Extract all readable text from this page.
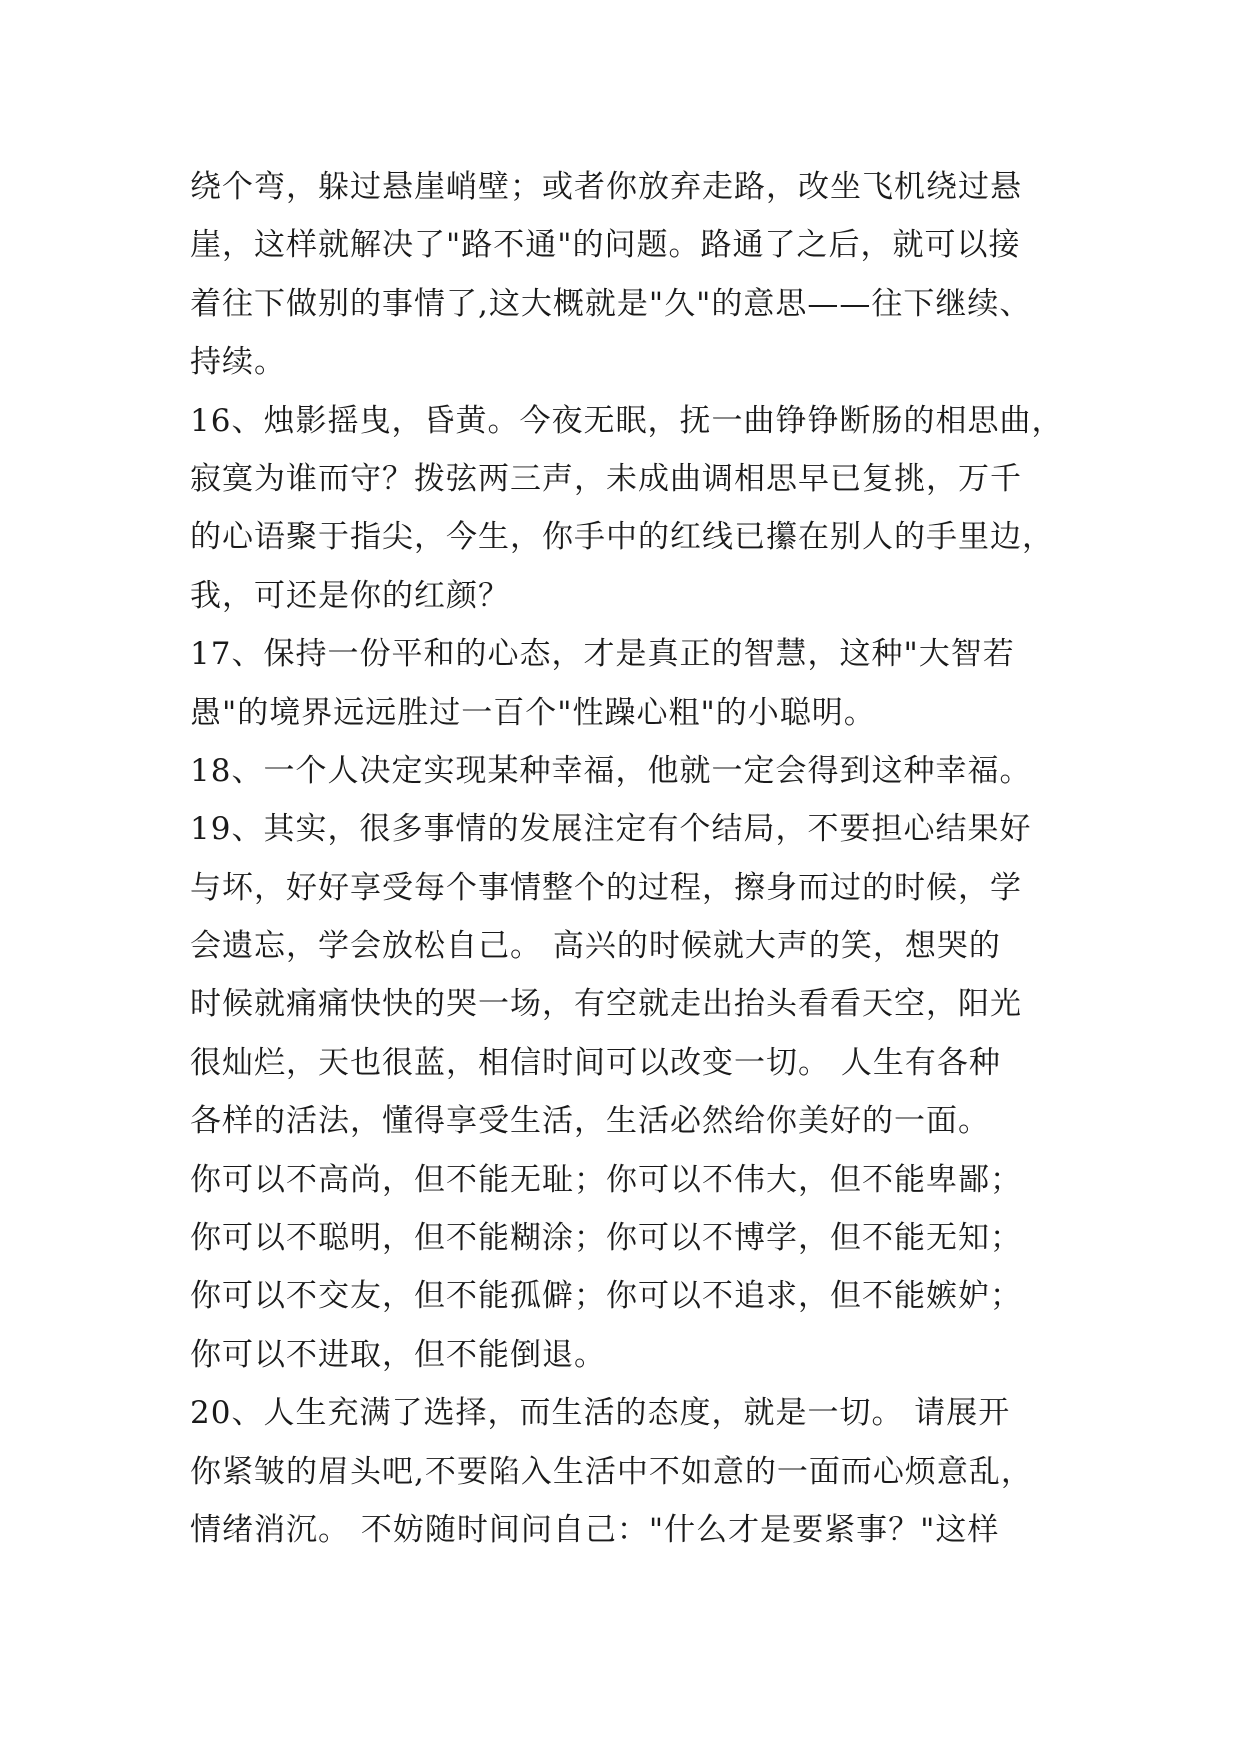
绕个弯，躲过悬崖峭壁；或者你放弃走路，改坐飞机绕过悬
崖，这样就解决了"路不通"的问题。路通了之后，就可以接
着往下做别的事情了,这大概就是"久"的意思——往下继续、
持续。
16、烛影摇曳，昏黄。今夜无眠，抚一曲铮铮断肠的相思曲，
寂寞为谁而守？拨弦两三声，未成曲调相思早已复挑，万千
的心语聚于指尖，今生，你手中的红线已攥在别人的手里边，
我，可还是你的红颜？
17、保持一份平和的心态，才是真正的智慧，这种"大智若
愚"的境界远远胜过一百个"性躁心粗"的小聪明。
18、一个人决定实现某种幸福，他就一定会得到这种幸福。
19、其实，很多事情的发展注定有个结局，不要担心结果好
与坏，好好享受每个事情整个的过程，擦身而过的时候，学
会遗忘，学会放松自己。 高兴的时候就大声的笑，想哭的
时候就痛痛快快的哭一场，有空就走出抬头看看天空，阳光
很灿烂，天也很蓝，相信时间可以改变一切。 人生有各种
各样的活法，懂得享受生活，生活必然给你美好的一面。
你可以不高尚，但不能无耻；你可以不伟大，但不能卑鄙；
你可以不聪明，但不能糊涂；你可以不博学，但不能无知；
你可以不交友，但不能孤僻；你可以不追求，但不能嫉妒；
你可以不进取，但不能倒退。
20、人生充满了选择，而生活的态度，就是一切。 请展开
你紧皱的眉头吧,不要陷入生活中不如意的一面而心烦意乱，
情绪消沉。 不妨随时间问自己："什么才是要紧事？"这样
